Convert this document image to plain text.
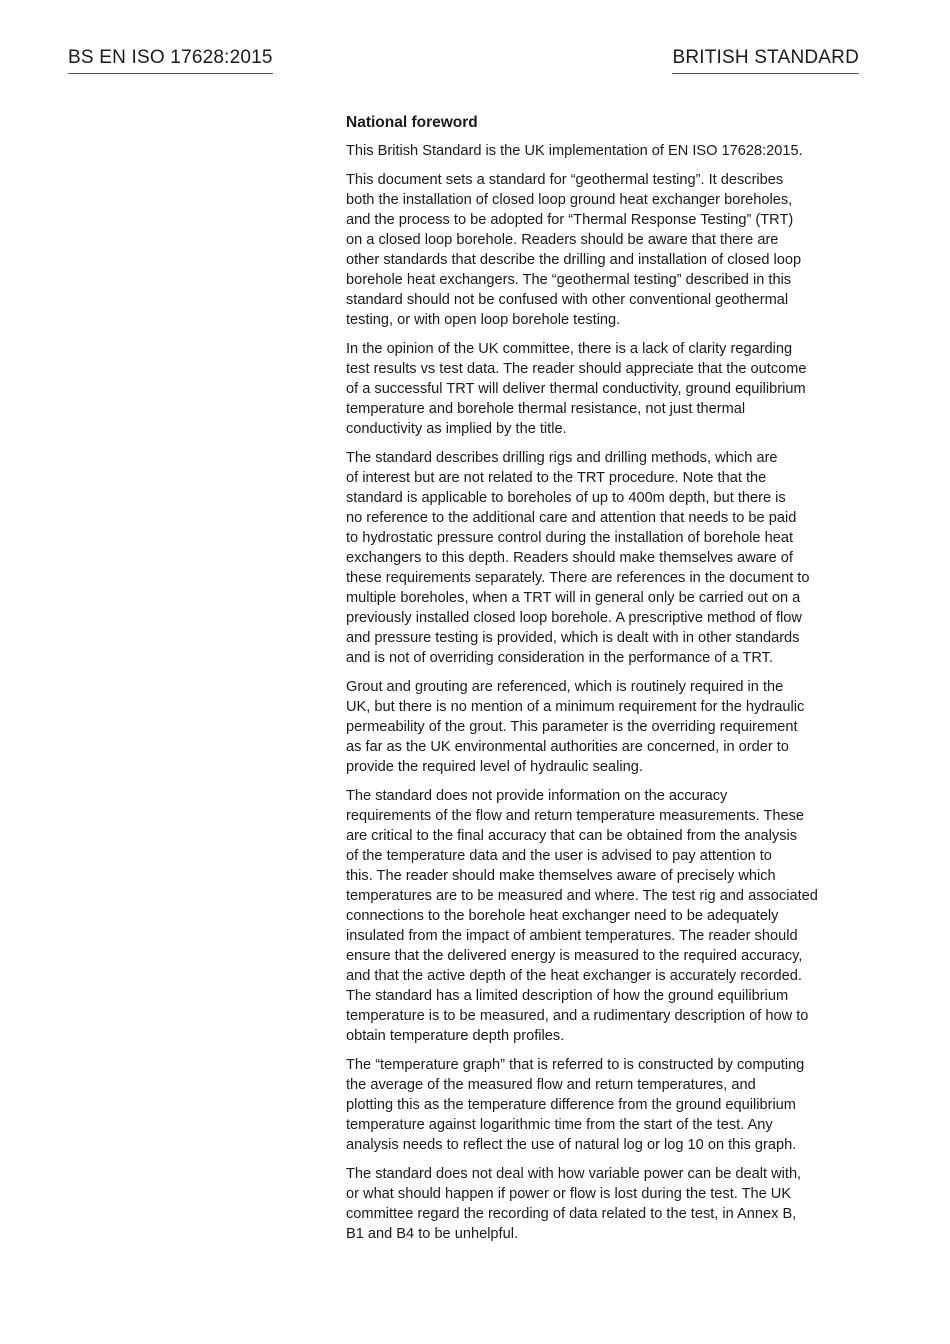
BS EN ISO 17628:2015	BRITISH STANDARD
National foreword

This British Standard is the UK implementation of EN ISO 17628:2015.

This document sets a standard for “geothermal testing”. It describes
both the installation of closed loop ground heat exchanger boreholes,
and the process to be adopted for “Thermal Response Testing” (TRT)
on a closed loop borehole. Readers should be aware that there are
other standards that describe the drilling and installation of closed loop
borehole heat exchangers. The “geothermal testing” described in this
standard should not be confused with other conventional geothermal
testing, or with open loop borehole testing.

In the opinion of the UK committee, there is a lack of clarity regarding
test results vs test data. The reader should appreciate that the outcome
of a successful TRT will deliver thermal conductivity, ground equilibrium
temperature and borehole thermal resistance, not just thermal
conductivity as implied by the title.

The standard describes drilling rigs and drilling methods, which are
of interest but are not related to the TRT procedure. Note that the
standard is applicable to boreholes of up to 400m depth, but there is
no reference to the additional care and attention that needs to be paid
to hydrostatic pressure control during the installation of borehole heat
exchangers to this depth. Readers should make themselves aware of
these requirements separately. There are references in the document to
multiple boreholes, when a TRT will in general only be carried out on a
previously installed closed loop borehole. A prescriptive method of flow
and pressure testing is provided, which is dealt with in other standards
and is not of overriding consideration in the performance of a TRT.

Grout and grouting are referenced, which is routinely required in the
UK, but there is no mention of a minimum requirement for the hydraulic
permeability of the grout. This parameter is the overriding requirement
as far as the UK environmental authorities are concerned, in order to
provide the required level of hydraulic sealing.

The standard does not provide information on the accuracy
requirements of the flow and return temperature measurements. These
are critical to the final accuracy that can be obtained from the analysis
of the temperature data and the user is advised to pay attention to
this. The reader should make themselves aware of precisely which
temperatures are to be measured and where. The test rig and associated
connections to the borehole heat exchanger need to be adequately
insulated from the impact of ambient temperatures. The reader should
ensure that the delivered energy is measured to the required accuracy,
and that the active depth of the heat exchanger is accurately recorded.
The standard has a limited description of how the ground equilibrium
temperature is to be measured, and a rudimentary description of how to
obtain temperature depth profiles.

The “temperature graph” that is referred to is constructed by computing
the average of the measured flow and return temperatures, and
plotting this as the temperature difference from the ground equilibrium
temperature against logarithmic time from the start of the test. Any
analysis needs to reflect the use of natural log or log 10 on this graph.

The standard does not deal with how variable power can be dealt with,
or what should happen if power or flow is lost during the test. The UK
committee regard the recording of data related to the test, in Annex B,
B1 and B4 to be unhelpful.
